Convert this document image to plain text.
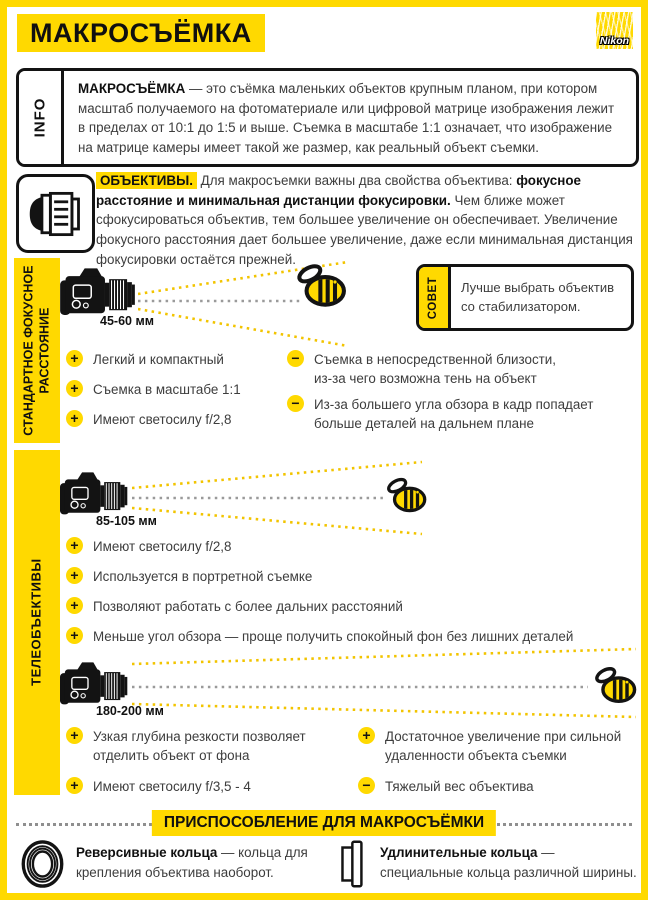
МАКРОСЪЁМКА	Nikon
INFO

МАКРОСЪЁМКА — это съёмка маленьких объектов крупным планом, при котором масштаб получаемого на фотоматериале или цифровой матрице изображения лежит в пределах от 10:1 до 1:5 и выше. Съемка в масштабе 1:1 означает, что изображение на матрице камеры имеет такой же размер, как реальный объект съемки.

ОБЪЕКТИВЫ. Для макросъемки важны два свойства объектива: фокусное расстояние и минимальная дистанции фокусировки. Чем ближе может сфокусироваться объектив, тем большее увеличение он обеспечивает. Увеличение фокусного расстояния дает большее увеличение, даже если минимальная дистанция фокусировки остаётся прежней.

СТАНДАРТНОЕ ФОКУСНОЕ РАССТОЯНИЕ	45-60 мм
СОВЕТ	Лучше выбрать объектив со стабилизатором.
+	Легкий и компактный
+	Съемка в масштабе 1:1
+	Имеют светосилу f/2,8
−	Съемка в непосредственной близости, из-за чего возможна тень на объект
−	Из-за большего угла обзора в кадр попадает больше деталей на дальнем плане
ТЕЛЕОБЪЕКТИВЫ
85-105 мм
+	Имеют светосилу f/2,8
+	Используется в портретной съемке
+	Позволяют работать с более дальних расстояний
+	Меньше угол обзора — проще получить спокойный фон без лишних деталей
180-200 мм
+	Узкая глубина резкости позволяет отделить объект от фона
+	Имеют светосилу f/3,5 - 4
+	Достаточное увеличение при сильной удаленности объекта съемки
−	Тяжелый вес объектива
ПРИСПОСОБЛЕНИЕ ДЛЯ МАКРОСЪЁМКИ

Реверсивные кольца — кольца для крепления объектива наоборот.

Удлинительные кольца —
специальные кольца различной ширины.
